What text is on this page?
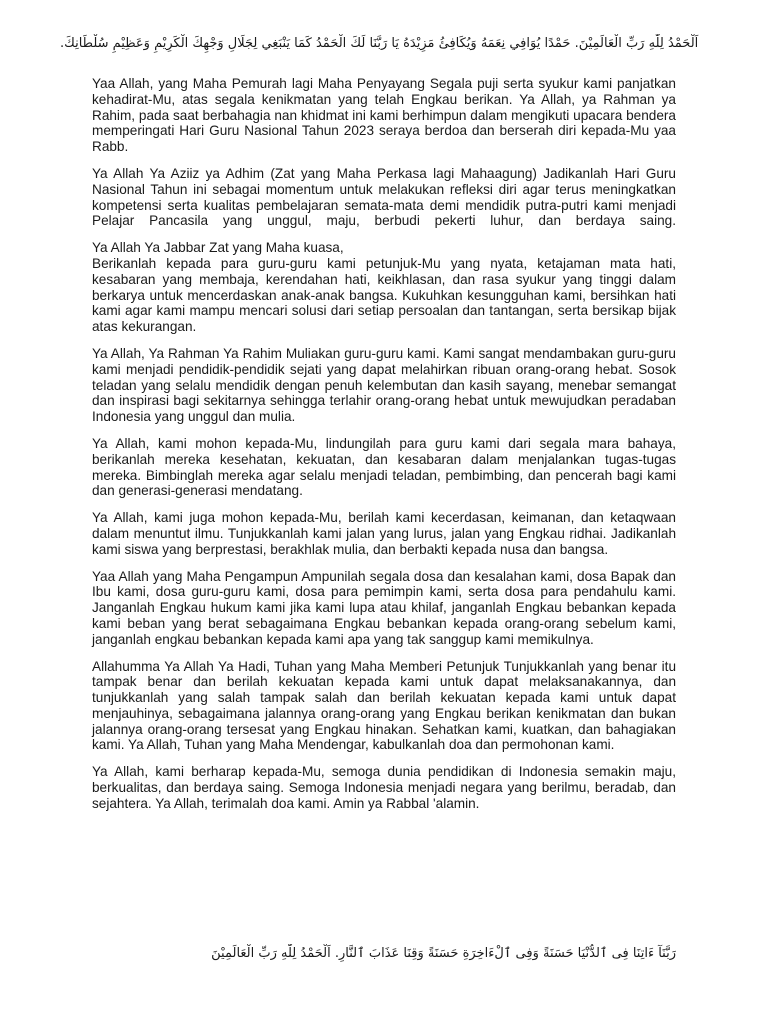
اَلْحَمْدُ لِلّٰهِ رَبِّ الْعَالَمِيْنَ. حَمْدًا يُوَافِي نِعَمَهُ وَيُكَافِئُ مَزِيْدَهُ يَا رَبَّنَا لَكَ الْحَمْدُ كَمَا يَنْبَغِي لِجَلَالِ وَجْهِكَ الْكَرِيْمِ وَعَظِيْمِ سُلْطَانِكَ.

Yaa Allah, yang Maha Pemurah lagi Maha Penyayang Segala puji serta syukur kami panjatkan kehadirat-Mu, atas segala kenikmatan yang telah Engkau berikan. Ya Allah, ya Rahman ya Rahim, pada saat berbahagia nan khidmat ini kami berhimpun dalam mengikuti upacara bendera memperingati Hari Guru Nasional Tahun 2023 seraya berdoa dan berserah diri kepada-Mu yaa Rabb.

Ya Allah Ya Aziiz ya Adhim (Zat yang Maha Perkasa lagi Mahaagung) Jadikanlah Hari Guru Nasional Tahun ini sebagai momentum untuk melakukan refleksi diri agar terus meningkatkan kompetensi serta kualitas pembelajaran semata-mata demi mendidik putra-putri kami menjadi Pelajar Pancasila yang unggul, maju, berbudi pekerti luhur, dan berdaya saing.

Ya Allah Ya Jabbar Zat yang Maha kuasa,

Berikanlah kepada para guru-guru kami petunjuk-Mu yang nyata, ketajaman mata hati, kesabaran yang membaja, kerendahan hati, keikhlasan, dan rasa syukur yang tinggi dalam berkarya untuk mencerdaskan anak-anak bangsa. Kukuhkan kesungguhan kami, bersihkan hati kami agar kami mampu mencari solusi dari setiap persoalan dan tantangan, serta bersikap bijak atas kekurangan.

Ya Allah, Ya Rahman Ya Rahim Muliakan guru-guru kami. Kami sangat mendambakan guru-guru kami menjadi pendidik-pendidik sejati yang dapat melahirkan ribuan orang-orang hebat. Sosok teladan yang selalu mendidik dengan penuh kelembutan dan kasih sayang, menebar semangat dan inspirasi bagi sekitarnya sehingga terlahir orang-orang hebat untuk mewujudkan peradaban Indonesia yang unggul dan mulia.

Ya Allah, kami mohon kepada-Mu, lindungilah para guru kami dari segala mara bahaya, berikanlah mereka kesehatan, kekuatan, dan kesabaran dalam menjalankan tugas-tugas mereka. Bimbinglah mereka agar selalu menjadi teladan, pembimbing, dan pencerah bagi kami dan generasi-generasi mendatang.

Ya Allah, kami juga mohon kepada-Mu, berilah kami kecerdasan, keimanan, dan ketaqwaan dalam menuntut ilmu. Tunjukkanlah kami jalan yang lurus, jalan yang Engkau ridhai. Jadikanlah kami siswa yang berprestasi, berakhlak mulia, dan berbakti kepada nusa dan bangsa.

Yaa Allah yang Maha Pengampun Ampunilah segala dosa dan kesalahan kami, dosa Bapak dan Ibu kami, dosa guru-guru kami, dosa para pemimpin kami, serta dosa para pendahulu kami. Janganlah Engkau hukum kami jika kami lupa atau khilaf, janganlah Engkau bebankan kepada kami beban yang berat sebagaimana Engkau bebankan kepada orang-orang sebelum kami, janganlah engkau bebankan kepada kami apa yang tak sanggup kami memikulnya.

Allahumma Ya Allah Ya Hadi, Tuhan yang Maha Memberi Petunjuk Tunjukkanlah yang benar itu tampak benar dan berilah kekuatan kepada kami untuk dapat melaksanakannya, dan tunjukkanlah yang salah tampak salah dan berilah kekuatan kepada kami untuk dapat menjauhinya, sebagaimana jalannya orang-orang yang Engkau berikan kenikmatan dan bukan jalannya orang-orang tersesat yang Engkau hinakan. Sehatkan kami, kuatkan, dan bahagiakan kami. Ya Allah, Tuhan yang Maha Mendengar, kabulkanlah doa dan permohonan kami.

Ya Allah, kami berharap kepada-Mu, semoga dunia pendidikan di Indonesia semakin maju, berkualitas, dan berdaya saing. Semoga Indonesia menjadi negara yang berilmu, beradab, dan sejahtera. Ya Allah, terimalah doa kami. Amin ya Rabbal 'alamin.

رَبَّنَآ ءَاتِنَا فِى ٱلدُّنْيَا حَسَنَةً وَفِى ٱلْءَاخِرَةِ حَسَنَةً وَقِنَا عَذَابَ ٱلنَّارِ. اَلْحَمْدُ لِلّٰهِ رَبِّ الْعَالَمِيْنَ
